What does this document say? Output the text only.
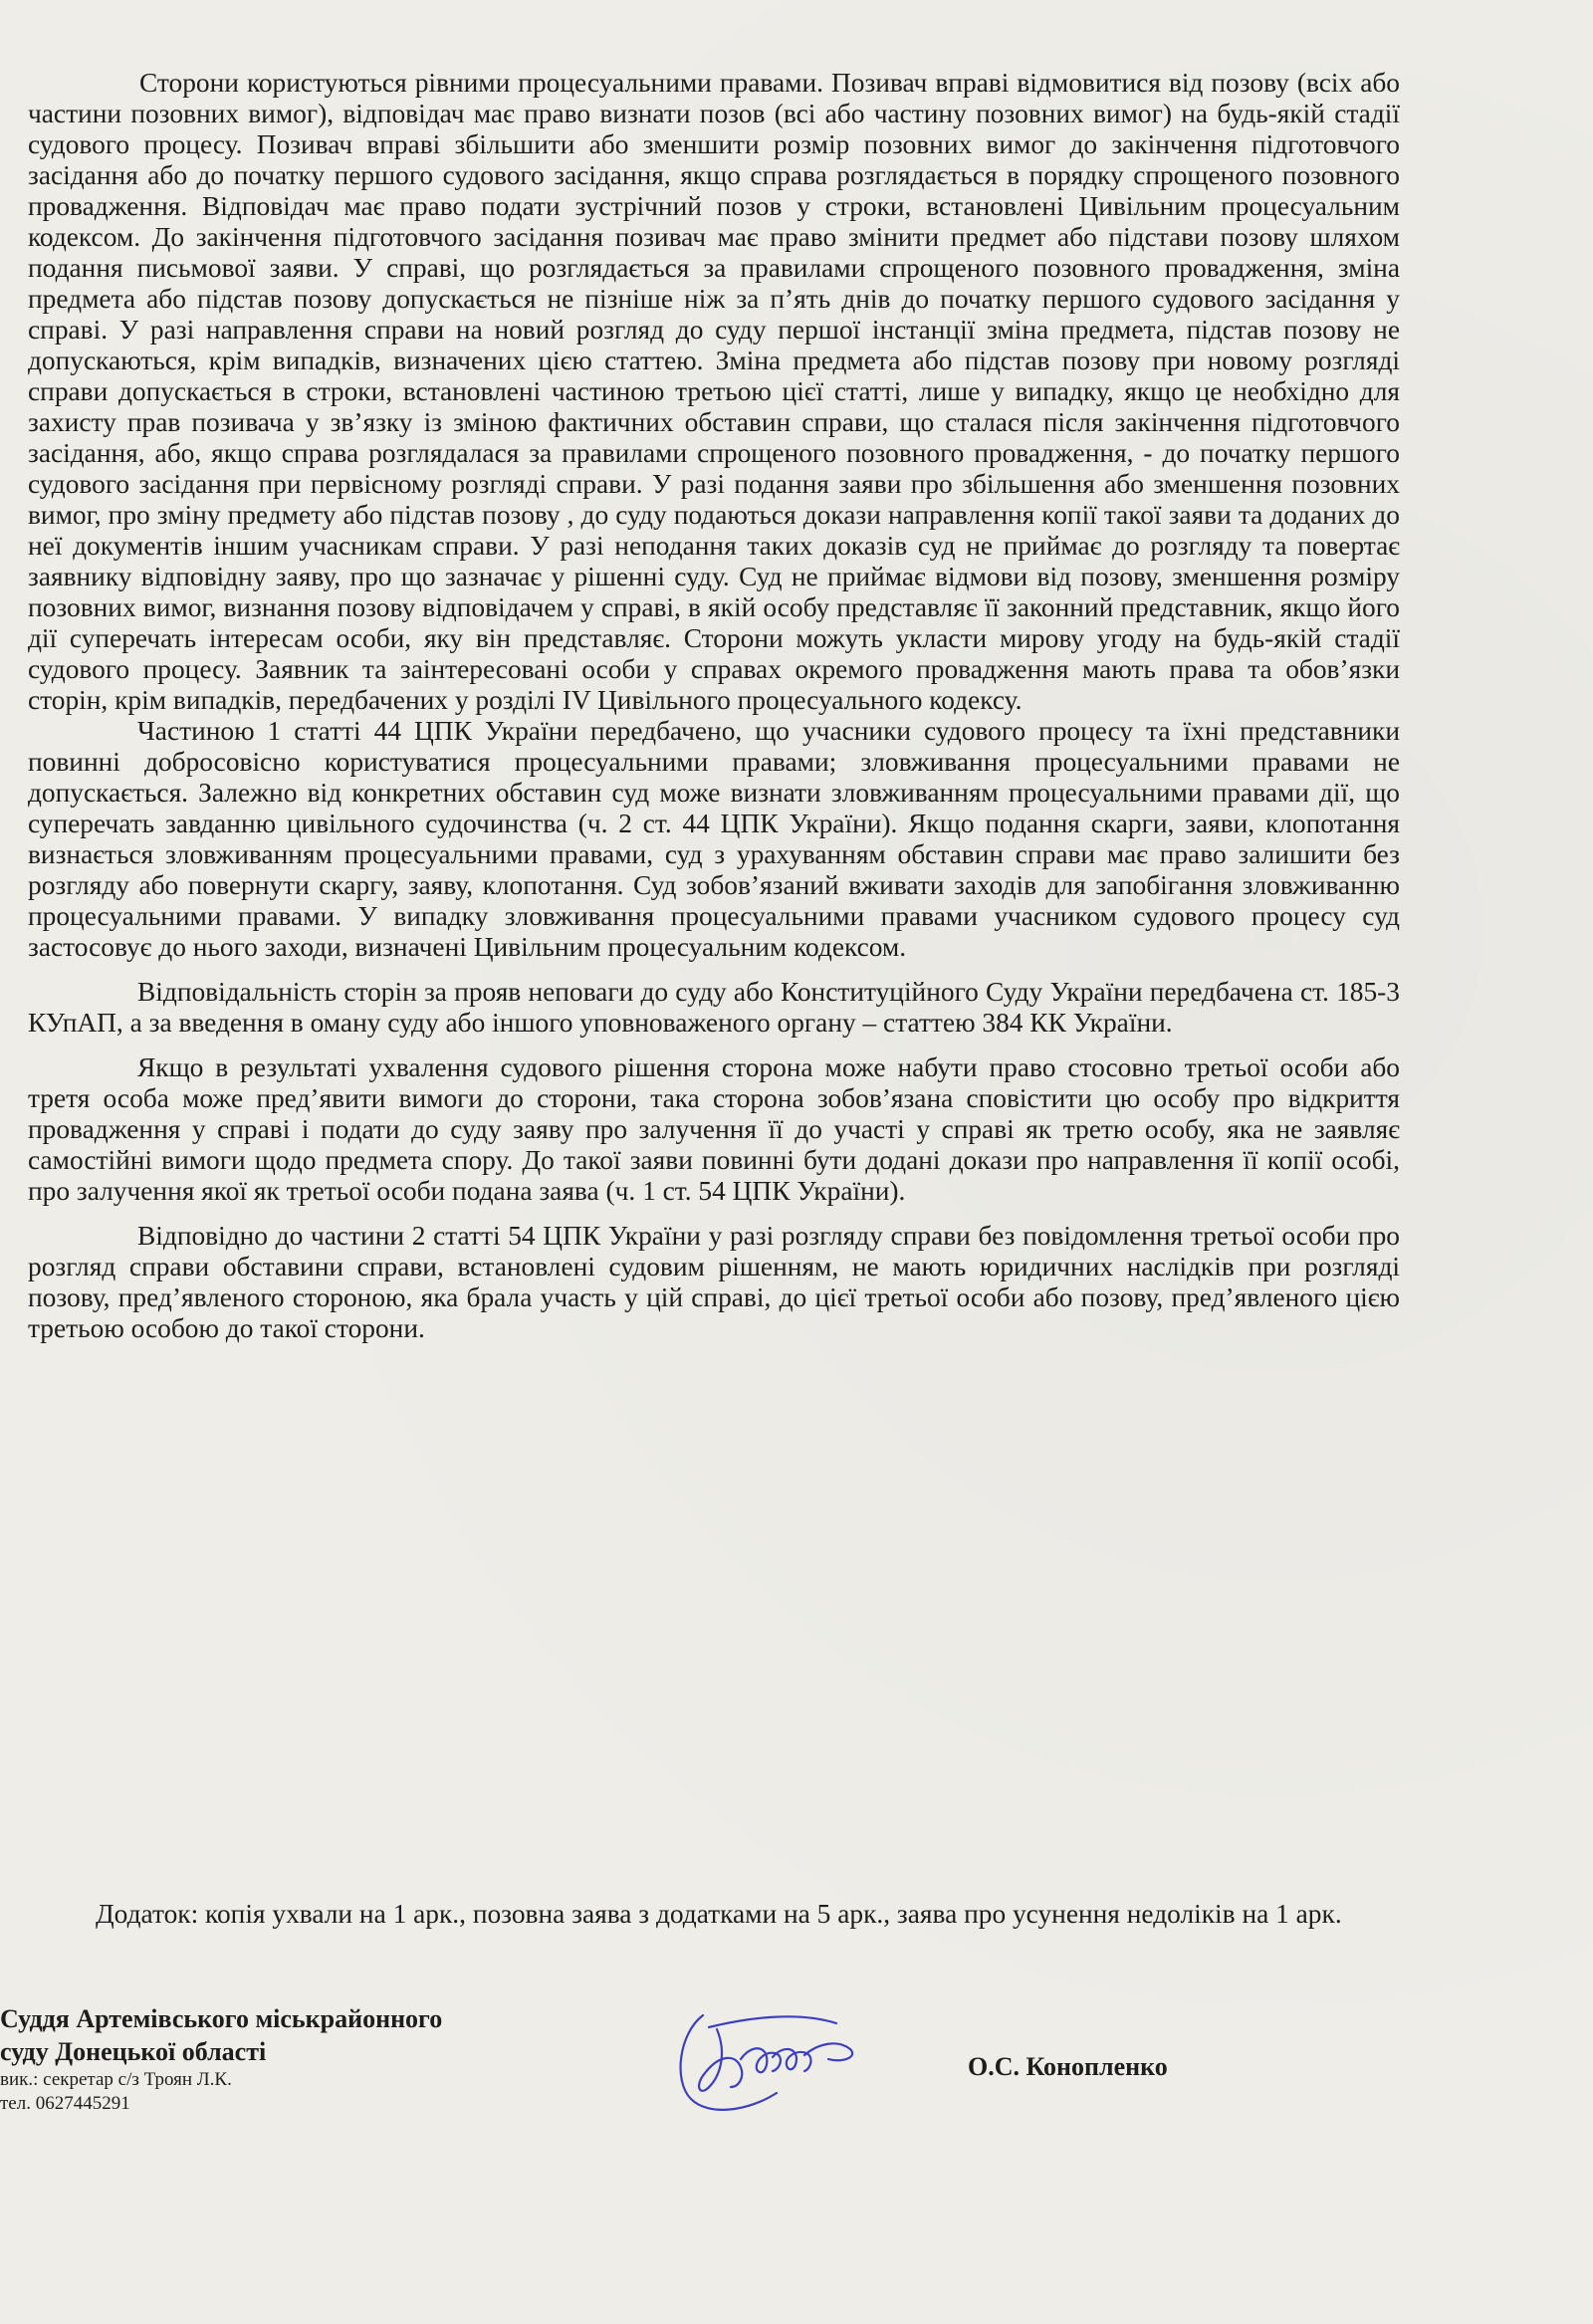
Сторони користуються рівними процесуальними правами. Позивач вправі відмовитися від позову (всіх або частини позовних вимог), відповідач має право визнати позов (всі або частину позовних вимог) на будь-якій стадії судового процесу. Позивач вправі збільшити або зменшити розмір позовних вимог до закінчення підготовчого засідання або до початку першого судового засідання, якщо справа розглядається в порядку спрощеного позовного провадження. Відповідач має право подати зустрічний позов у строки, встановлені Цивільним процесуальним кодексом. До закінчення підготовчого засідання позивач має право змінити предмет або підстави позову шляхом подання письмової заяви. У справі, що розглядається за правилами спрощеного позовного провадження, зміна предмета або підстав позову допускається не пізніше ніж за п’ять днів до початку першого судового засідання у справі. У разі направлення справи на новий розгляд до суду першої інстанції зміна предмета, підстав позову не допускаються, крім випадків, визначених цією статтею. Зміна предмета або підстав позову при новому розгляді справи допускається в строки, встановлені частиною третьою цієї статті, лише у випадку, якщо це необхідно для захисту прав позивача у зв’язку із зміною фактичних обставин справи, що сталася після закінчення підготовчого засідання, або, якщо справа розглядалася за правилами спрощеного позовного провадження, - до початку першого судового засідання при первісному розгляді справи. У разі подання заяви про збільшення або зменшення позовних вимог, про зміну предмету або підстав позову , до суду подаються докази направлення копії такої заяви та доданих до неї документів іншим учасникам справи. У разі неподання таких доказів суд не приймає до розгляду та повертає заявнику відповідну заяву, про що зазначає у рішенні суду. Суд не приймає відмови від позову, зменшення розміру позовних вимог, визнання позову відповідачем у справі, в якій особу представляє її законний представник, якщо його дії суперечать інтересам особи, яку він представляє. Сторони можуть укласти мирову угоду на будь-якій стадії судового процесу. Заявник та заінтересовані особи у справах окремого провадження мають права та обов’язки сторін, крім випадків, передбачених у розділі IV Цивільного процесуального кодексу.

Частиною 1 статті 44 ЦПК України передбачено, що учасники судового процесу та їхні представники повинні добросовісно користуватися процесуальними правами; зловживання процесуальними правами не допускається. Залежно від конкретних обставин суд може визнати зловживанням процесуальними правами дії, що суперечать завданню цивільного судочинства (ч. 2 ст. 44 ЦПК України). Якщо подання скарги, заяви, клопотання визнається зловживанням процесуальними правами, суд з урахуванням обставин справи має право залишити без розгляду або повернути скаргу, заяву, клопотання. Суд зобов’язаний вживати заходів для запобігання зловживанню процесуальними правами. У випадку зловживання процесуальними правами учасником судового процесу суд застосовує до нього заходи, визначені Цивільним процесуальним кодексом.

Відповідальність сторін за прояв неповаги до суду або Конституційного Суду України передбачена ст. 185-3 КУпАП, а за введення в оману суду або іншого уповноваженого органу – статтею 384 КК України.

Якщо в результаті ухвалення судового рішення сторона може набути право стосовно третьої особи або третя особа може пред’явити вимоги до сторони, така сторона зобов’язана сповістити цю особу про відкриття провадження у справі і подати до суду заяву про залучення її до участі у справі як третю особу, яка не заявляє самостійні вимоги щодо предмета спору. До такої заяви повинні бути додані докази про направлення її копії особі, про залучення якої як третьої особи подана заява (ч. 1 ст. 54 ЦПК України).

Відповідно до частини 2 статті 54 ЦПК України у разі розгляду справи без повідомлення третьої особи про розгляд справи обставини справи, встановлені судовим рішенням, не мають юридичних наслідків при розгляді позову, пред’явленого стороною, яка брала участь у цій справі, до цієї третьої особи або позову, пред’явленого цією третьою особою до такої сторони.

Додаток: копія ухвали на 1 арк., позовна заява з додатками на 5 арк., заява про усунення недоліків на 1 арк.

Суддя Артемівського міськрайонного

суду Донецької області

вик.: секретар с/з Троян Л.К.

тел. 0627445291

О.С. Конопленко
